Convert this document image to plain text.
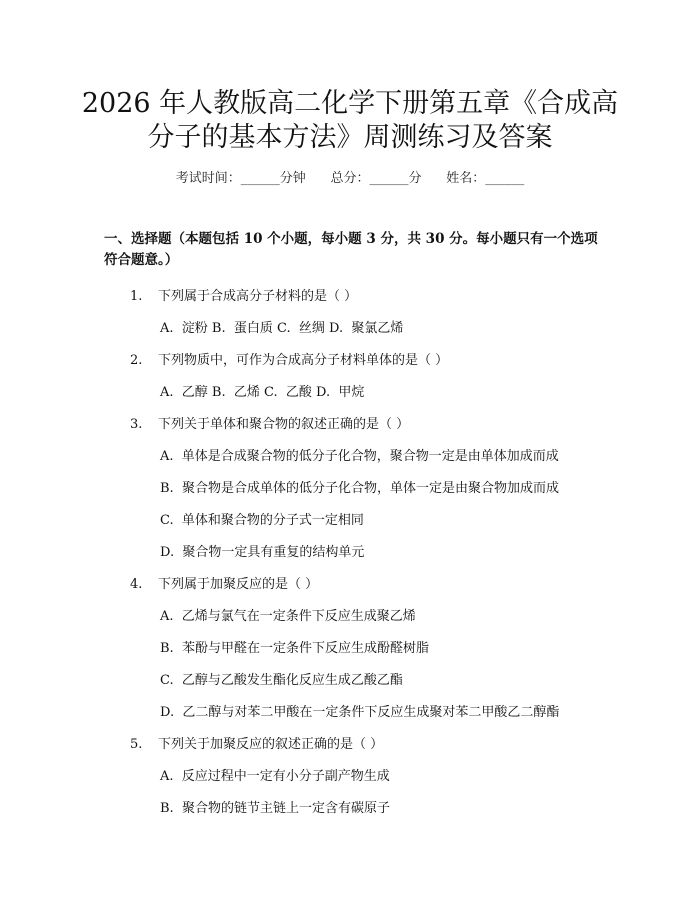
2026 年人教版高二化学下册第五章《合成高
分子的基本方法》周测练习及答案
考试时间：______分钟      总分：______分      姓名：______
一、选择题（本题包括 10 个小题，每小题 3 分，共 30 分。每小题只有一个选项
符合题意。）
1. 下列属于合成高分子材料的是（ ）
A.  淀粉 B.  蛋白质 C.  丝绸 D.  聚氯乙烯
2. 下列物质中，可作为合成高分子材料单体的是（ ）
A.  乙醇 B.  乙烯 C.  乙酸 D.  甲烷
3. 下列关于单体和聚合物的叙述正确的是（ ）
A.  单体是合成聚合物的低分子化合物，聚合物一定是由单体加成而成
B.  聚合物是合成单体的低分子化合物，单体一定是由聚合物加成而成
C.  单体和聚合物的分子式一定相同
D.  聚合物一定具有重复的结构单元
4. 下列属于加聚反应的是（ ）
A.  乙烯与氯气在一定条件下反应生成聚乙烯
B.  苯酚与甲醛在一定条件下反应生成酚醛树脂
C.  乙醇与乙酸发生酯化反应生成乙酸乙酯
D.  乙二醇与对苯二甲酸在一定条件下反应生成聚对苯二甲酸乙二醇酯
5. 下列关于加聚反应的叙述正确的是（ ）
A.  反应过程中一定有小分子副产物生成
B.  聚合物的链节主链上一定含有碳原子
